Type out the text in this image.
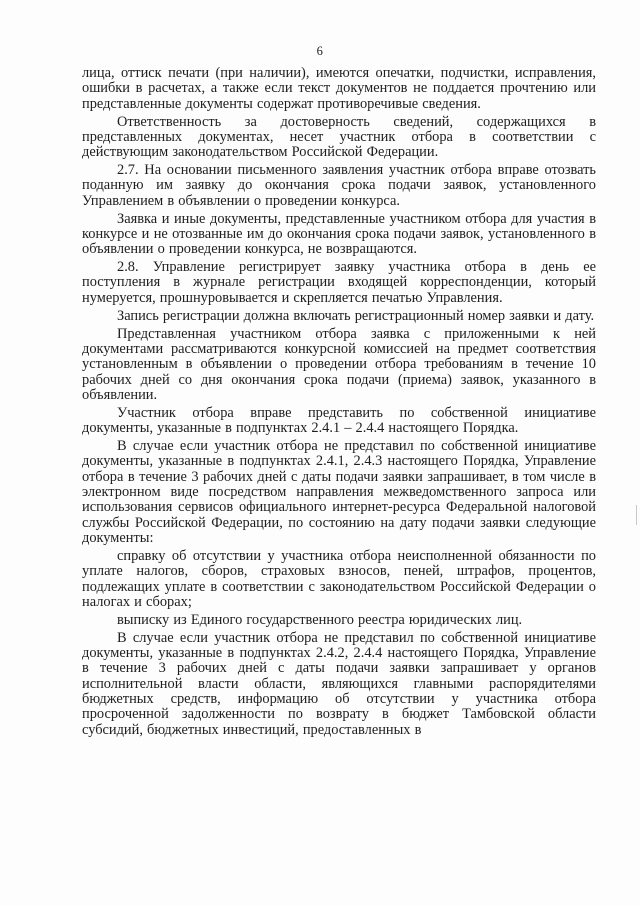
6

лица, оттиск печати (при наличии), имеются опечатки, подчистки, исправления, ошибки в расчетах, а также если текст документов не поддается прочтению или представленные документы содержат противоречивые сведения.

Ответственность за достоверность сведений, содержащихся в представленных документах, несет участник отбора в соответствии с действующим законодательством Российской Федерации.

2.7. На основании письменного заявления участник отбора вправе отозвать поданную им заявку до окончания срока подачи заявок, установленного Управлением в объявлении о проведении конкурса.

Заявка и иные документы, представленные участником отбора для участия в конкурсе и не отозванные им до окончания срока подачи заявок, установленного в объявлении о проведении конкурса, не возвращаются.

2.8. Управление регистрирует заявку участника отбора в день ее поступления в журнале регистрации входящей корреспонденции, который нумеруется, прошнуровывается и скрепляется печатью Управления.

Запись регистрации должна включать регистрационный номер заявки и дату.

Представленная участником отбора заявка с приложенными к ней документами рассматриваются конкурсной комиссией на предмет соответствия установленным в объявлении о проведении отбора требованиям в течение 10 рабочих дней со дня окончания срока подачи (приема) заявок, указанного в объявлении.

Участник отбора вправе представить по собственной инициативе документы, указанные в подпунктах 2.4.1 – 2.4.4 настоящего Порядка.

В случае если участник отбора не представил по собственной инициативе документы, указанные в подпунктах 2.4.1, 2.4.3 настоящего Порядка, Управление отбора в течение 3 рабочих дней с даты подачи заявки запрашивает, в том числе в электронном виде посредством направления межведомственного запроса или использования сервисов официального интернет-ресурса Федеральной налоговой службы Российской Федерации, по состоянию на дату подачи заявки следующие документы:

справку об отсутствии у участника отбора неисполненной обязанности по уплате налогов, сборов, страховых взносов, пеней, штрафов, процентов, подлежащих уплате в соответствии с законодательством Российской Федерации о налогах и сборах;

выписку из Единого государственного реестра юридических лиц.

В случае если участник отбора не представил по собственной инициативе документы, указанные в подпунктах 2.4.2, 2.4.4 настоящего Порядка, Управление в течение 3 рабочих дней с даты подачи заявки запрашивает у органов исполнительной власти области, являющихся главными распорядителями бюджетных средств, информацию об отсутствии у участника отбора просроченной задолженности по возврату в бюджет Тамбовской области субсидий, бюджетных инвестиций, предоставленных в
